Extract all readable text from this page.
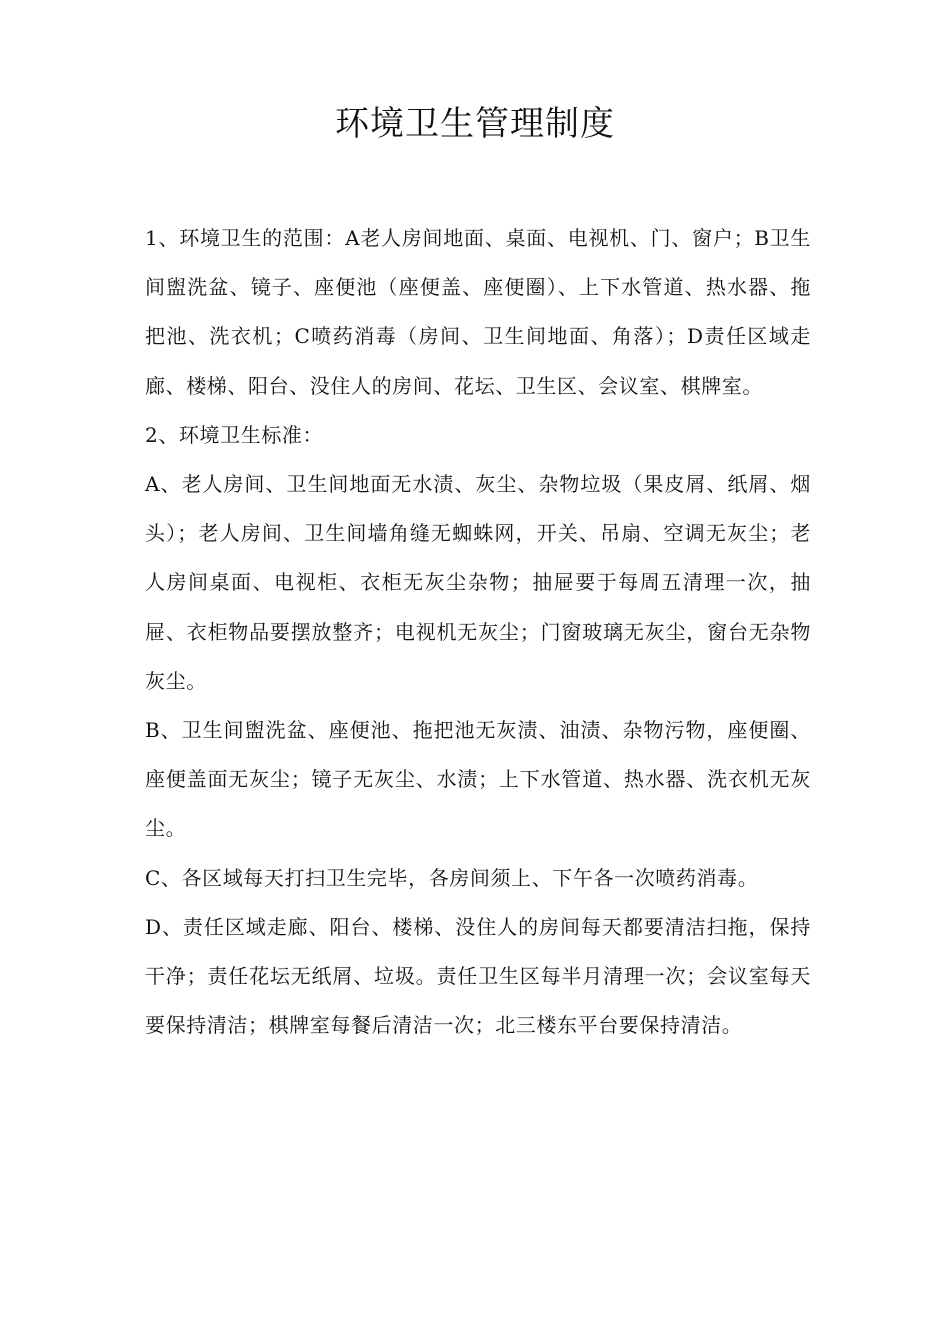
环境卫生管理制度

1、环境卫生的范围：A老人房间地面、桌面、电视机、门、窗户；B卫生间盥洗盆、镜子、座便池（座便盖、座便圈）、上下水管道、热水器、拖把池、洗衣机；C喷药消毒（房间、卫生间地面、角落）；D责任区域走廊、楼梯、阳台、没住人的房间、花坛、卫生区、会议室、棋牌室。

2、环境卫生标准：

A、老人房间、卫生间地面无水渍、灰尘、杂物垃圾（果皮屑、纸屑、烟头）；老人房间、卫生间墙角缝无蜘蛛网，开关、吊扇、空调无灰尘；老人房间桌面、电视柜、衣柜无灰尘杂物；抽屉要于每周五清理一次，抽屉、衣柜物品要摆放整齐；电视机无灰尘；门窗玻璃无灰尘，窗台无杂物灰尘。

B、卫生间盥洗盆、座便池、拖把池无灰渍、油渍、杂物污物，座便圈、座便盖面无灰尘；镜子无灰尘、水渍；上下水管道、热水器、洗衣机无灰尘。

C、各区域每天打扫卫生完毕，各房间须上、下午各一次喷药消毒。

D、责任区域走廊、阳台、楼梯、没住人的房间每天都要清洁扫拖，保持干净；责任花坛无纸屑、垃圾。责任卫生区每半月清理一次；会议室每天要保持清洁；棋牌室每餐后清洁一次；北三楼东平台要保持清洁。
